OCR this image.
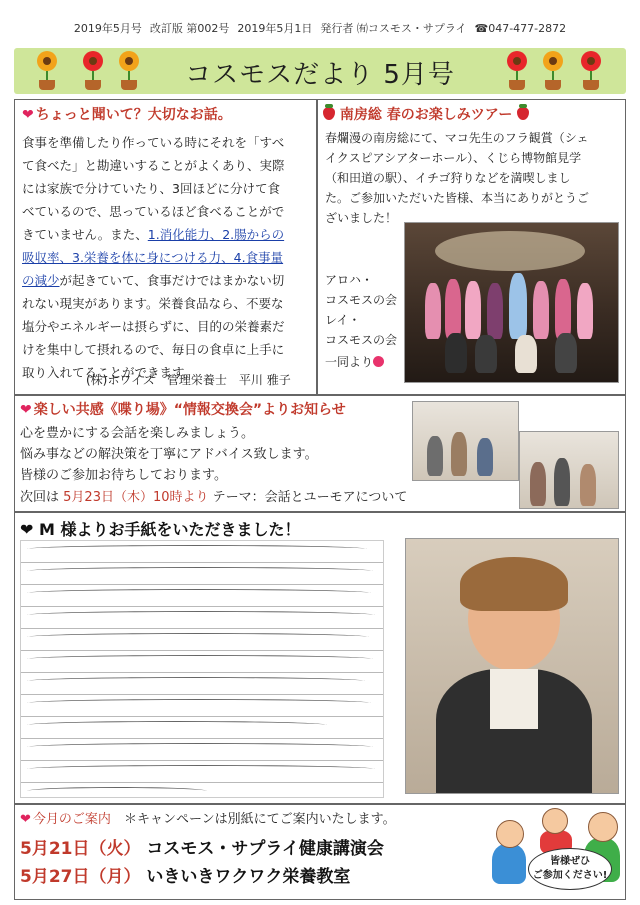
2019年5月号 改訂版 第002号 2019年5月1日 発行者 ㈲コスモス・サプライ ☎047-477-2872
コスモスだより 5月号
❤ ちょっと聞いて？大切なお話。

食事を準備したり作っている時にそれを「すべ

て食べた」と勘違いすることがよくあり、実際

には家族で分けていたり、3回ほどに分けて食

べているので、思っているほど食べることがで

きていません。また、1.消化能力、2.腸からの

吸収率、3.栄養を体に身につける力、4.食事量

の減少が起きていて、食事だけではまかない切

れない現実があります。栄養食品なら、不要な

塩分やエネルギーは摂らずに、目的の栄養素だ

けを集中して摂れるので、毎日の食卓に上手に

取り入れてることができます。

(株)ホワイズ　管理栄養士　平川 雅子
南房総 春のお楽しみツアー

春爛漫の南房総にて、マコ先生のフラ観賞（シェ

イクスピアシアターホール）、くじら博物館見学

（和田道の駅）、イチゴ狩りなどを満喫しまし

た。ご参加いただいた皆様、本当にありがとうご

ざいました！

アロハ・

コスモスの会

レイ・

コスモスの会

一同より
❤ 楽しい共感《喋り場》“情報交換会”よりお知らせ
心を豊かにする会話を楽しみましょう。
悩み事などの解決策を丁寧にアドバイス致します。
皆様のご参加お待ちしております。
次回は 5月23日（木）10時より テーマ：会話とユーモアについて
❤︎ M 様よりお手紙をいただきました！
❤ 今月のご案内　 ＊キャンペーンは別紙にてご案内いたします。
5月21日（火） コスモス・サプライ健康講演会
5月27日（月） いきいきワクワク栄養教室
皆様ぜひ
ご参加ください!
